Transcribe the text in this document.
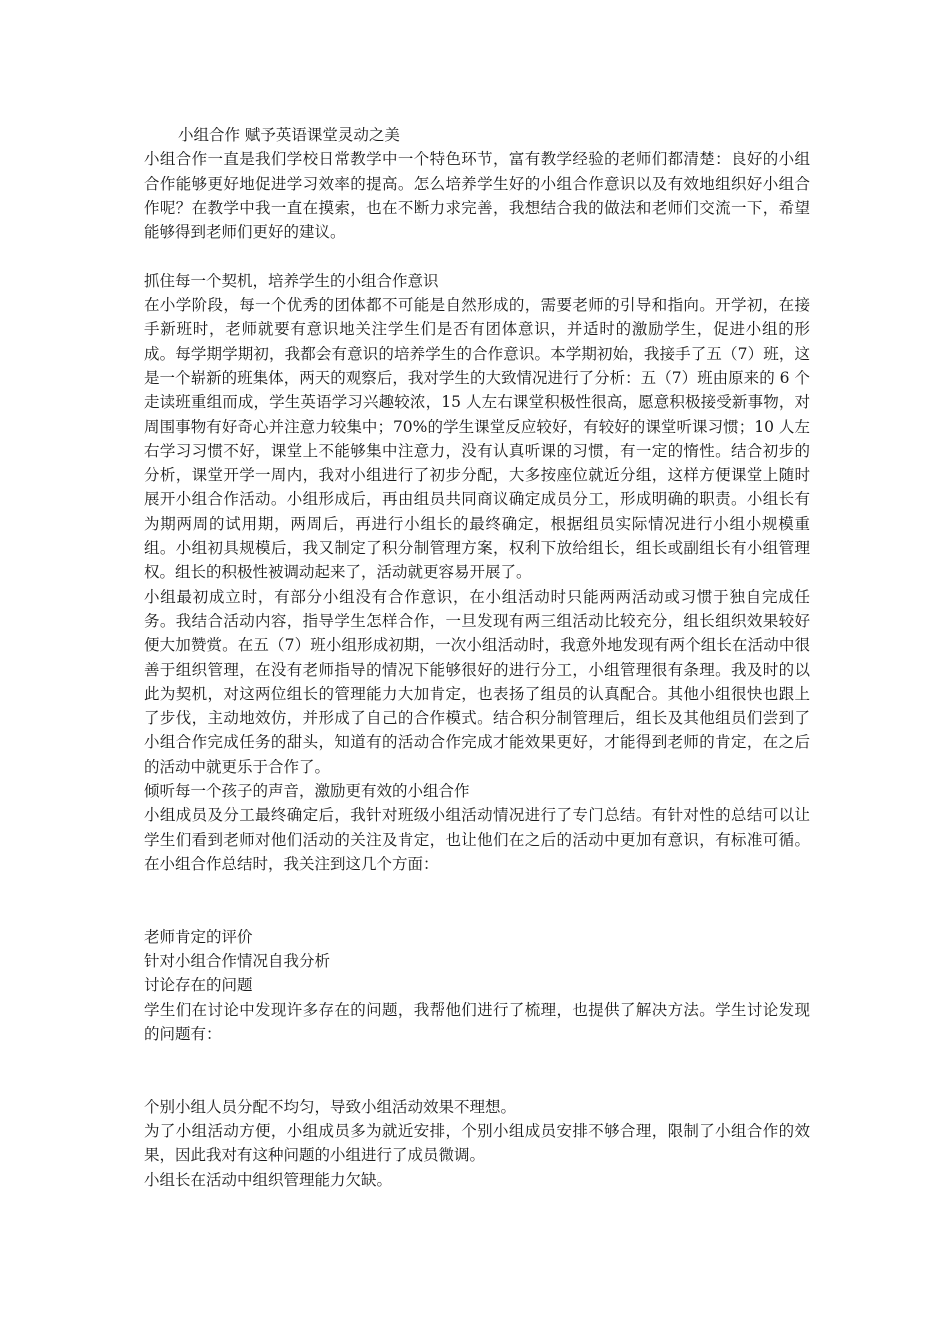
小组合作 赋予英语课堂灵动之美

小组合作一直是我们学校日常教学中一个特色环节，富有教学经验的老师们都清楚：良好的小组合作能够更好地促进学习效率的提高。怎么培养学生好的小组合作意识以及有效地组织好小组合作呢？在教学中我一直在摸索，也在不断力求完善，我想结合我的做法和老师们交流一下，希望能够得到老师们更好的建议。

抓住每一个契机，培养学生的小组合作意识

在小学阶段，每一个优秀的团体都不可能是自然形成的，需要老师的引导和指向。开学初，在接手新班时，老师就要有意识地关注学生们是否有团体意识，并适时的激励学生，促进小组的形成。每学期学期初，我都会有意识的培养学生的合作意识。本学期初始，我接手了五（7）班，这是一个崭新的班集体，两天的观察后，我对学生的大致情况进行了分析：五（7）班由原来的 6 个走读班重组而成，学生英语学习兴趣较浓，15 人左右课堂积极性很高，愿意积极接受新事物，对周围事物有好奇心并注意力较集中；70%的学生课堂反应较好，有较好的课堂听课习惯；10 人左右学习习惯不好，课堂上不能够集中注意力，没有认真听课的习惯，有一定的惰性。结合初步的分析，课堂开学一周内，我对小组进行了初步分配，大多按座位就近分组，这样方便课堂上随时展开小组合作活动。小组形成后，再由组员共同商议确定成员分工，形成明确的职责。小组长有为期两周的试用期，两周后，再进行小组长的最终确定，根据组员实际情况进行小组小规模重组。小组初具规模后，我又制定了积分制管理方案，权利下放给组长，组长或副组长有小组管理权。组长的积极性被调动起来了，活动就更容易开展了。

小组最初成立时，有部分小组没有合作意识，在小组活动时只能两两活动或习惯于独自完成任务。我结合活动内容，指导学生怎样合作，一旦发现有两三组活动比较充分，组长组织效果较好便大加赞赏。在五（7）班小组形成初期，一次小组活动时，我意外地发现有两个组长在活动中很善于组织管理，在没有老师指导的情况下能够很好的进行分工，小组管理很有条理。我及时的以此为契机，对这两位组长的管理能力大加肯定，也表扬了组员的认真配合。其他小组很快也跟上了步伐，主动地效仿，并形成了自己的合作模式。结合积分制管理后，组长及其他组员们尝到了小组合作完成任务的甜头，知道有的活动合作完成才能效果更好，才能得到老师的肯定，在之后的活动中就更乐于合作了。

倾听每一个孩子的声音，激励更有效的小组合作

小组成员及分工最终确定后，我针对班级小组活动情况进行了专门总结。有针对性的总结可以让学生们看到老师对他们活动的关注及肯定，也让他们在之后的活动中更加有意识，有标准可循。在小组合作总结时，我关注到这几个方面：

老师肯定的评价

针对小组合作情况自我分析

讨论存在的问题

学生们在讨论中发现许多存在的问题，我帮他们进行了梳理，也提供了解决方法。学生讨论发现的问题有：

个别小组人员分配不均匀，导致小组活动效果不理想。

为了小组活动方便，小组成员多为就近安排，个别小组成员安排不够合理，限制了小组合作的效果，因此我对有这种问题的小组进行了成员微调。

小组长在活动中组织管理能力欠缺。
